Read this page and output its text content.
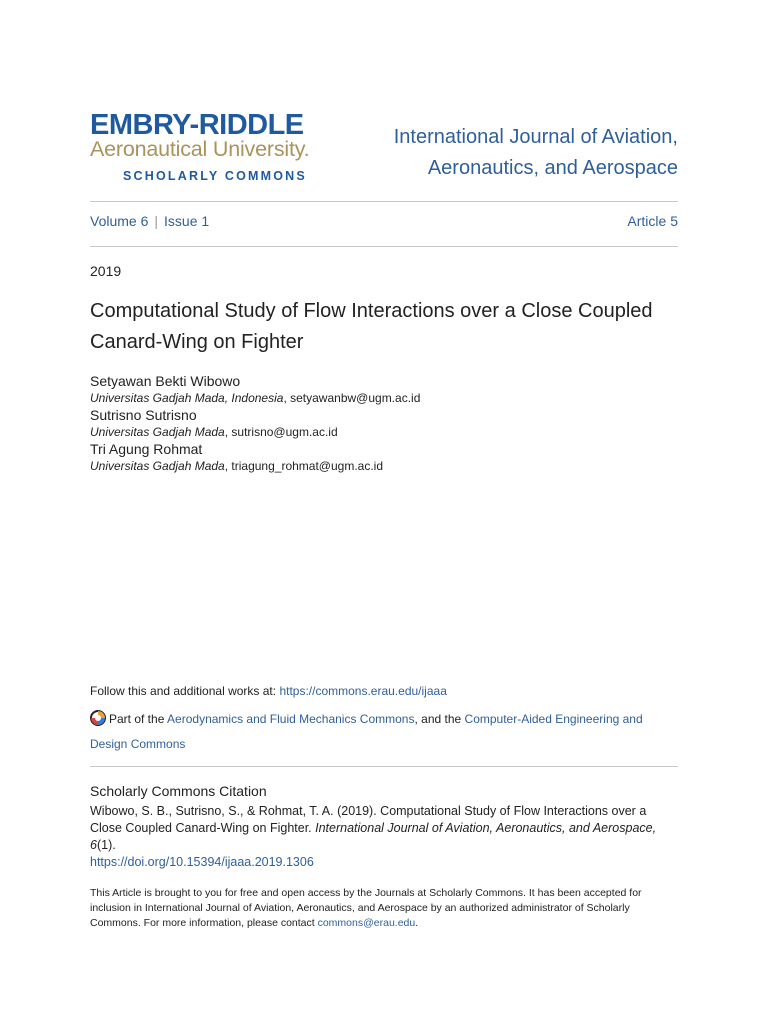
EMBRY-RIDDLE
Aeronautical University.
SCHOLARLY COMMONS
International Journal of Aviation,
Aeronautics, and Aerospace
Volume 6 | Issue 1	Article 5
2019
Computational Study of Flow Interactions over a Close Coupled Canard-Wing on Fighter
Setyawan Bekti Wibowo
Universitas Gadjah Mada, Indonesia, setyawanbw@ugm.ac.id
Sutrisno Sutrisno
Universitas Gadjah Mada, sutrisno@ugm.ac.id
Tri Agung Rohmat
Universitas Gadjah Mada, triagung_rohmat@ugm.ac.id
Follow this and additional works at: https://commons.erau.edu/ijaaa
Part of the Aerodynamics and Fluid Mechanics Commons, and the Computer-Aided Engineering and Design Commons
Scholarly Commons Citation
Wibowo, S. B., Sutrisno, S., & Rohmat, T. A. (2019). Computational Study of Flow Interactions over a Close Coupled Canard-Wing on Fighter. International Journal of Aviation, Aeronautics, and Aerospace, 6(1).
https://doi.org/10.15394/ijaaa.2019.1306
This Article is brought to you for free and open access by the Journals at Scholarly Commons. It has been accepted for inclusion in International Journal of Aviation, Aeronautics, and Aerospace by an authorized administrator of Scholarly Commons. For more information, please contact commons@erau.edu.
